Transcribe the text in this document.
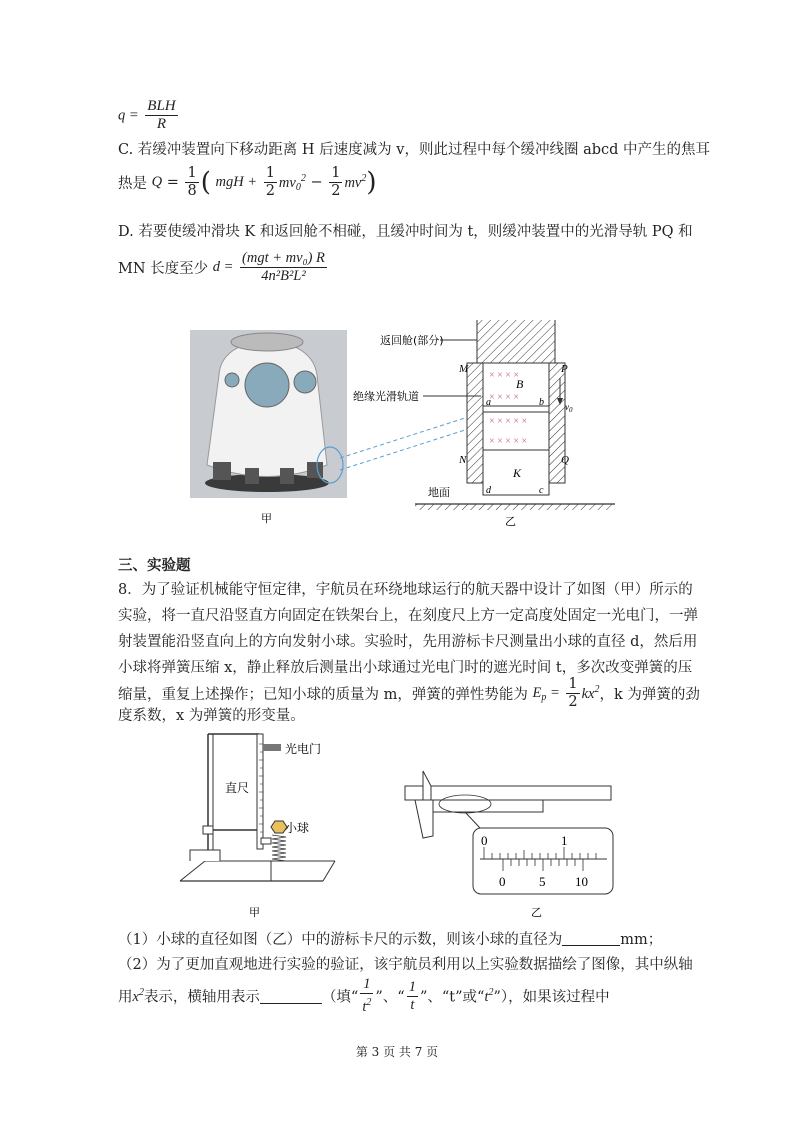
$q = \frac{\text{BLH}}{R}$
C. 若缓冲装置向下移动距离 H 后速度减为 v，则此过程中每个缓冲线圈 abcd 中产生的焦耳
热是 $Q = \frac{1}{8}$ ( mgH + $\frac{1}{2} mv_0^2 - \frac{1}{2} mv^2$)
D. 若要使缓冲滑块 K 和返回舱不相碰，且缓冲时间为 t，则缓冲装置中的光滑导轨 PQ 和
MN 长度至少 $d = \frac{\text{(mgt + mv₀) R}}{\text{4n²B²L²}}$
× × × ×
× × × ×
× × × × ×
× × × × ×
M	P
N	Q
B
K
a	b
c
d
$v_0$
返回舱(部分)
绝缘光滑轨道
地面
甲	乙
三、实验题
8．为了验证机械能守恒定律，宇航员在环绕地球运行的航天器中设计了如图（甲）所示的
实验，将一直尺沿竖直方向固定在铁架台上，在刻度尺上方一定高度处固定一光电门，一弹
射装置能沿竖直向上的方向发射小球。实验时，先用游标卡尺测量出小球的直径 d，然后用
小球将弹簧压缩 x，静止释放后测量出小球通过光电门时的遮光时间 t，多次改变弹簧的压
缩量，重复上述操作；已知小球的质量为 m，弹簧的弹性势能为 $E_p = \frac{1}{2} kx^2$，k 为弹簧的劲
度系数，x 为弹簧的形变量。
光电门
直尺
小球
甲
0	1
0	5 10
乙
（1）小球的直径如图（乙）中的游标卡尺的示数，则该小球的直径为	mm；
（2）为了更加直观地进行实验的验证，该宇航员利用以上实验数据描绘了图像，其中纵轴
用$x^2$表示，横轴用表示	（填“ $\frac{1}{t^2}$ ”、“ $\frac{1}{t}$ ”、“t”或“$t^2$”），如果该过程中
第 3 页 共 7 页
